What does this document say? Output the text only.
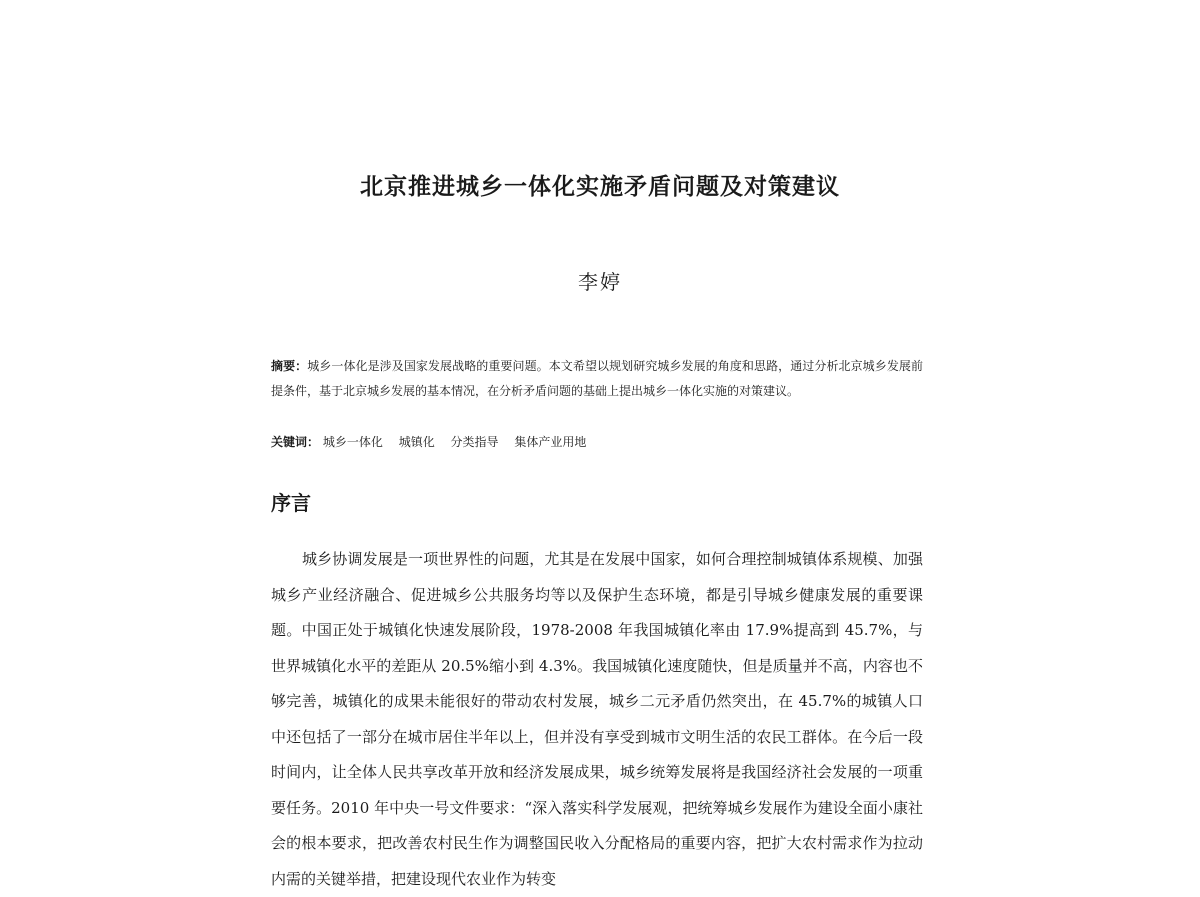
北京推进城乡一体化实施矛盾问题及对策建议
李婷
摘要：城乡一体化是涉及国家发展战略的重要问题。本文希望以规划研究城乡发展的角度和思路，通过分析北京城乡发展前提条件，基于北京城乡发展的基本情况，在分析矛盾问题的基础上提出城乡一体化实施的对策建议。
关键词： 城乡一体化 城镇化 分类指导 集体产业用地
序言
城乡协调发展是一项世界性的问题，尤其是在发展中国家，如何合理控制城镇体系规模、加强城乡产业经济融合、促进城乡公共服务均等以及保护生态环境，都是引导城乡健康发展的重要课题。中国正处于城镇化快速发展阶段，1978-2008 年我国城镇化率由 17.9%提高到 45.7%，与世界城镇化水平的差距从 20.5%缩小到 4.3%。我国城镇化速度随快，但是质量并不高，内容也不够完善，城镇化的成果未能很好的带动农村发展，城乡二元矛盾仍然突出，在 45.7%的城镇人口中还包括了一部分在城市居住半年以上，但并没有享受到城市文明生活的农民工群体。在今后一段时间内，让全体人民共享改革开放和经济发展成果，城乡统筹发展将是我国经济社会发展的一项重要任务。2010 年中央一号文件要求：“深入落实科学发展观，把统筹城乡发展作为建设全面小康社会的根本要求，把改善农村民生作为调整国民收入分配格局的重要内容，把扩大农村需求作为拉动内需的关键举措，把建设现代农业作为转变
